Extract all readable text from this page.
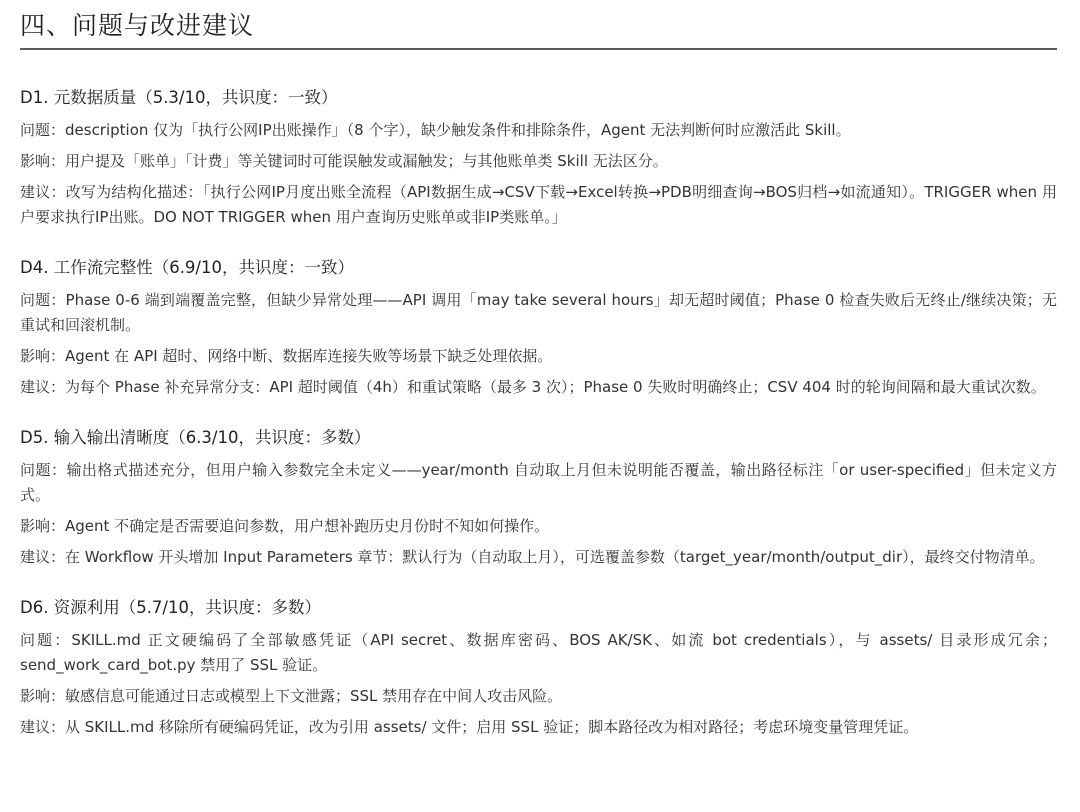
四、问题与改进建议
D1. 元数据质量（5.3/10，共识度：一致）
问题：description 仅为「执行公网IP出账操作」（8 个字），缺少触发条件和排除条件，Agent 无法判断何时应激活此 Skill。
影响：用户提及「账单」「计费」等关键词时可能误触发或漏触发；与其他账单类 Skill 无法区分。
建议：改写为结构化描述：「执行公网IP月度出账全流程（API数据生成→CSV下载→Excel转换→PDB明细查询→BOS归档→如流通知）。TRIGGER when 用户要求执行IP出账。DO NOT TRIGGER when 用户查询历史账单或非IP类账单。」
D4. 工作流完整性（6.9/10，共识度：一致）
问题：Phase 0-6 端到端覆盖完整，但缺少异常处理——API 调用「may take several hours」却无超时阈值；Phase 0 检查失败后无终止/继续决策；无重试和回滚机制。
影响：Agent 在 API 超时、网络中断、数据库连接失败等场景下缺乏处理依据。
建议：为每个 Phase 补充异常分支：API 超时阈值（4h）和重试策略（最多 3 次）；Phase 0 失败时明确终止；CSV 404 时的轮询间隔和最大重试次数。
D5. 输入输出清晰度（6.3/10，共识度：多数）
问题：输出格式描述充分，但用户输入参数完全未定义——year/month 自动取上月但未说明能否覆盖，输出路径标注「or user-specified」但未定义方式。
影响：Agent 不确定是否需要追问参数，用户想补跑历史月份时不知如何操作。
建议：在 Workflow 开头增加 Input Parameters 章节：默认行为（自动取上月），可选覆盖参数（target_year/month/output_dir），最终交付物清单。
D6. 资源利用（5.7/10，共识度：多数）
问题：SKILL.md 正文硬编码了全部敏感凭证（API secret、数据库密码、BOS AK/SK、如流 bot credentials），与 assets/ 目录形成冗余；send_work_card_bot.py 禁用了 SSL 验证。
影响：敏感信息可能通过日志或模型上下文泄露；SSL 禁用存在中间人攻击风险。
建议：从 SKILL.md 移除所有硬编码凭证，改为引用 assets/ 文件；启用 SSL 验证；脚本路径改为相对路径；考虑环境变量管理凭证。
